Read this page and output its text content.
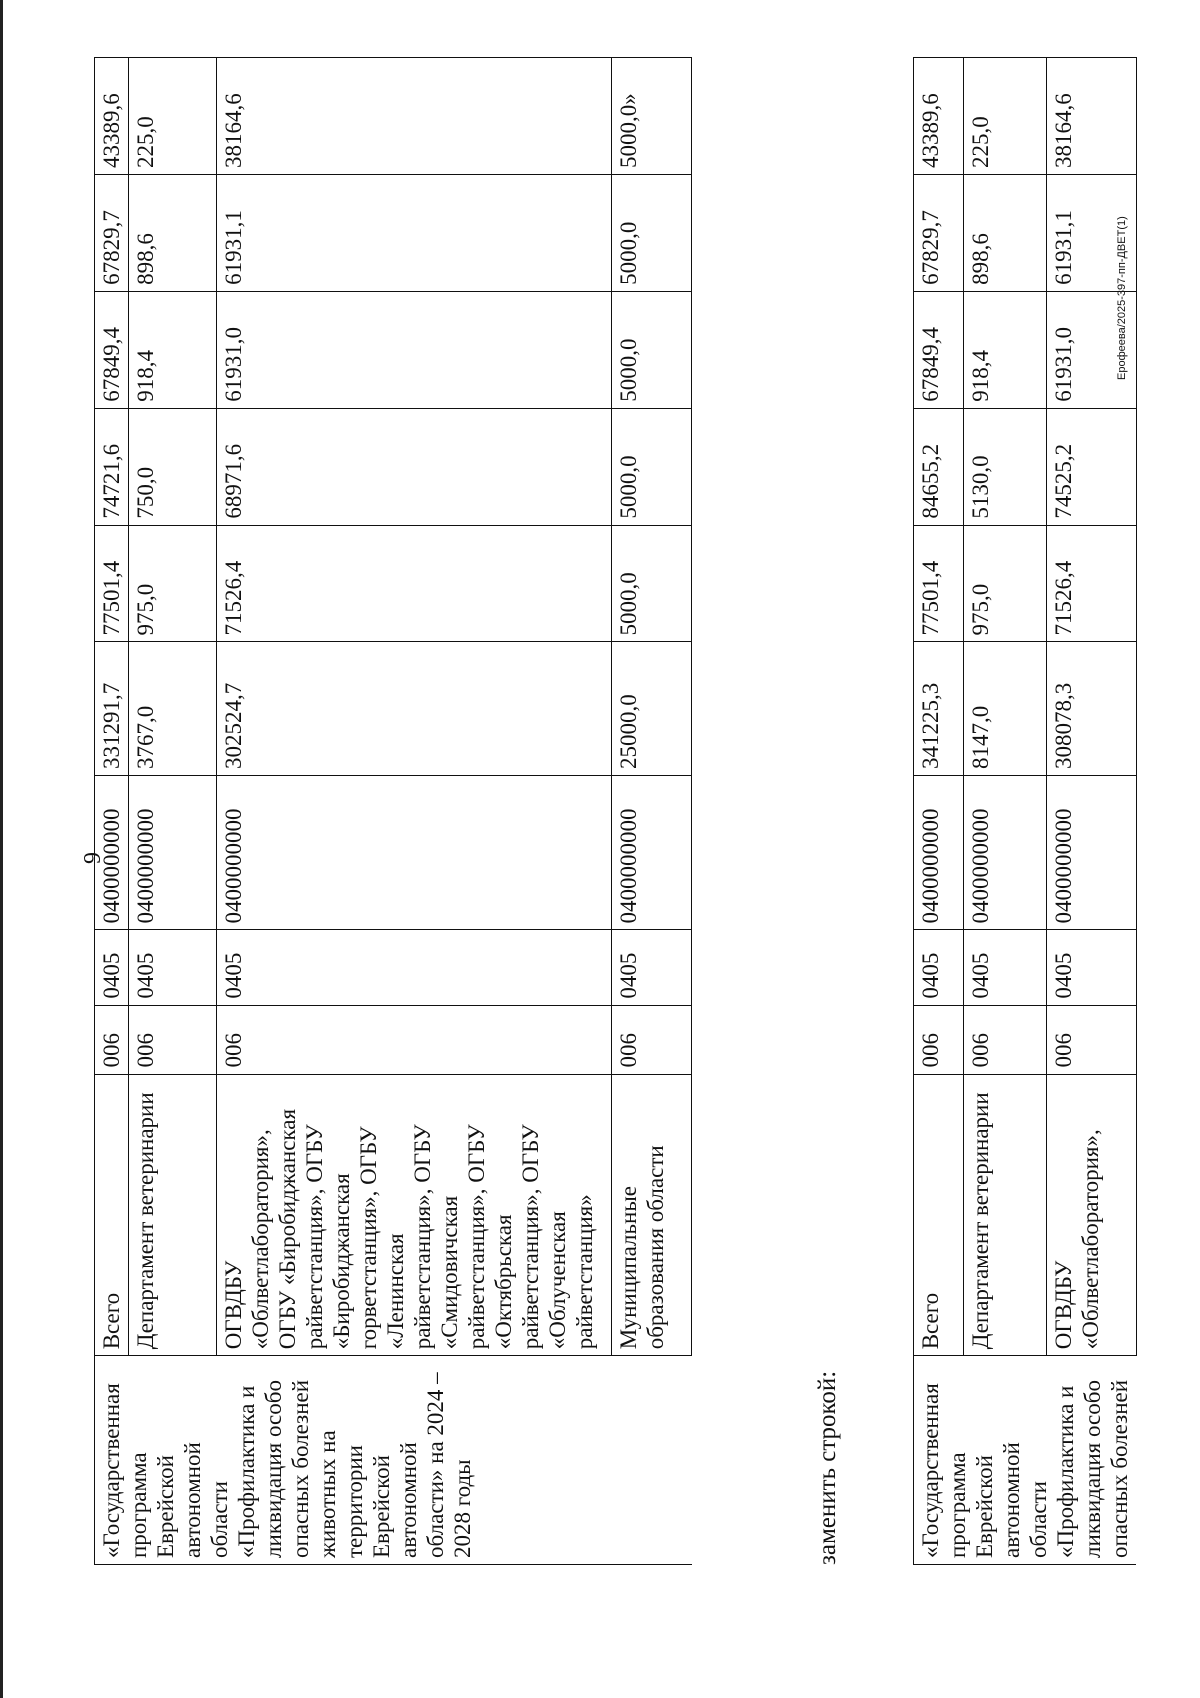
9
«Государственная программа Еврейской автономной области «Профилактика и ликвидация особо опасных болезней животных на территории Еврейской автономной области» на 2024 – 2028 годы	Всего	006	0405	0400000000	331291,7	77501,4	74721,6	67849,4	67829,7	43389,6
	Департамент ветеринарии	006	0405	0400000000	3767,0	975,0	750,0	918,4	898,6	225,0
	ОГВДБУ «Облветлаборатория», ОГБУ «Биробиджанская райветстанция», ОГБУ «Биробиджанская горветстанция», ОГБУ «Ленинская райветстанция», ОГБУ «Смидовичская райветстанция», ОГБУ «Октябрьская райветстанция», ОГБУ «Облученская райветстанция»	006	0405	0400000000	302524,7	71526,4	68971,6	61931,0	61931,1	38164,6
	Муниципальные образования области	006	0405	0400000000	25000,0	5000,0	5000,0	5000,0	5000,0	5000,0»
заменить строкой:	«Государственная программа Еврейской автономной области «Профилактика и ликвидация особо опасных болезней	Всего	006	0405	0400000000	341225,3	77501,4	84655,2	67849,4	67829,7	43389,6
	Департамент ветеринарии	006	0405	0400000000	8147,0	975,0	5130,0	918,4	898,6	225,0
	ОГВДБУ «Облветлаборатория»,	006	0405	0400000000	308078,3	71526,4	74525,2	61931,0	61931,1	38164,6
Ерофеева/2025-397-пп-ДВЕТ(1)
